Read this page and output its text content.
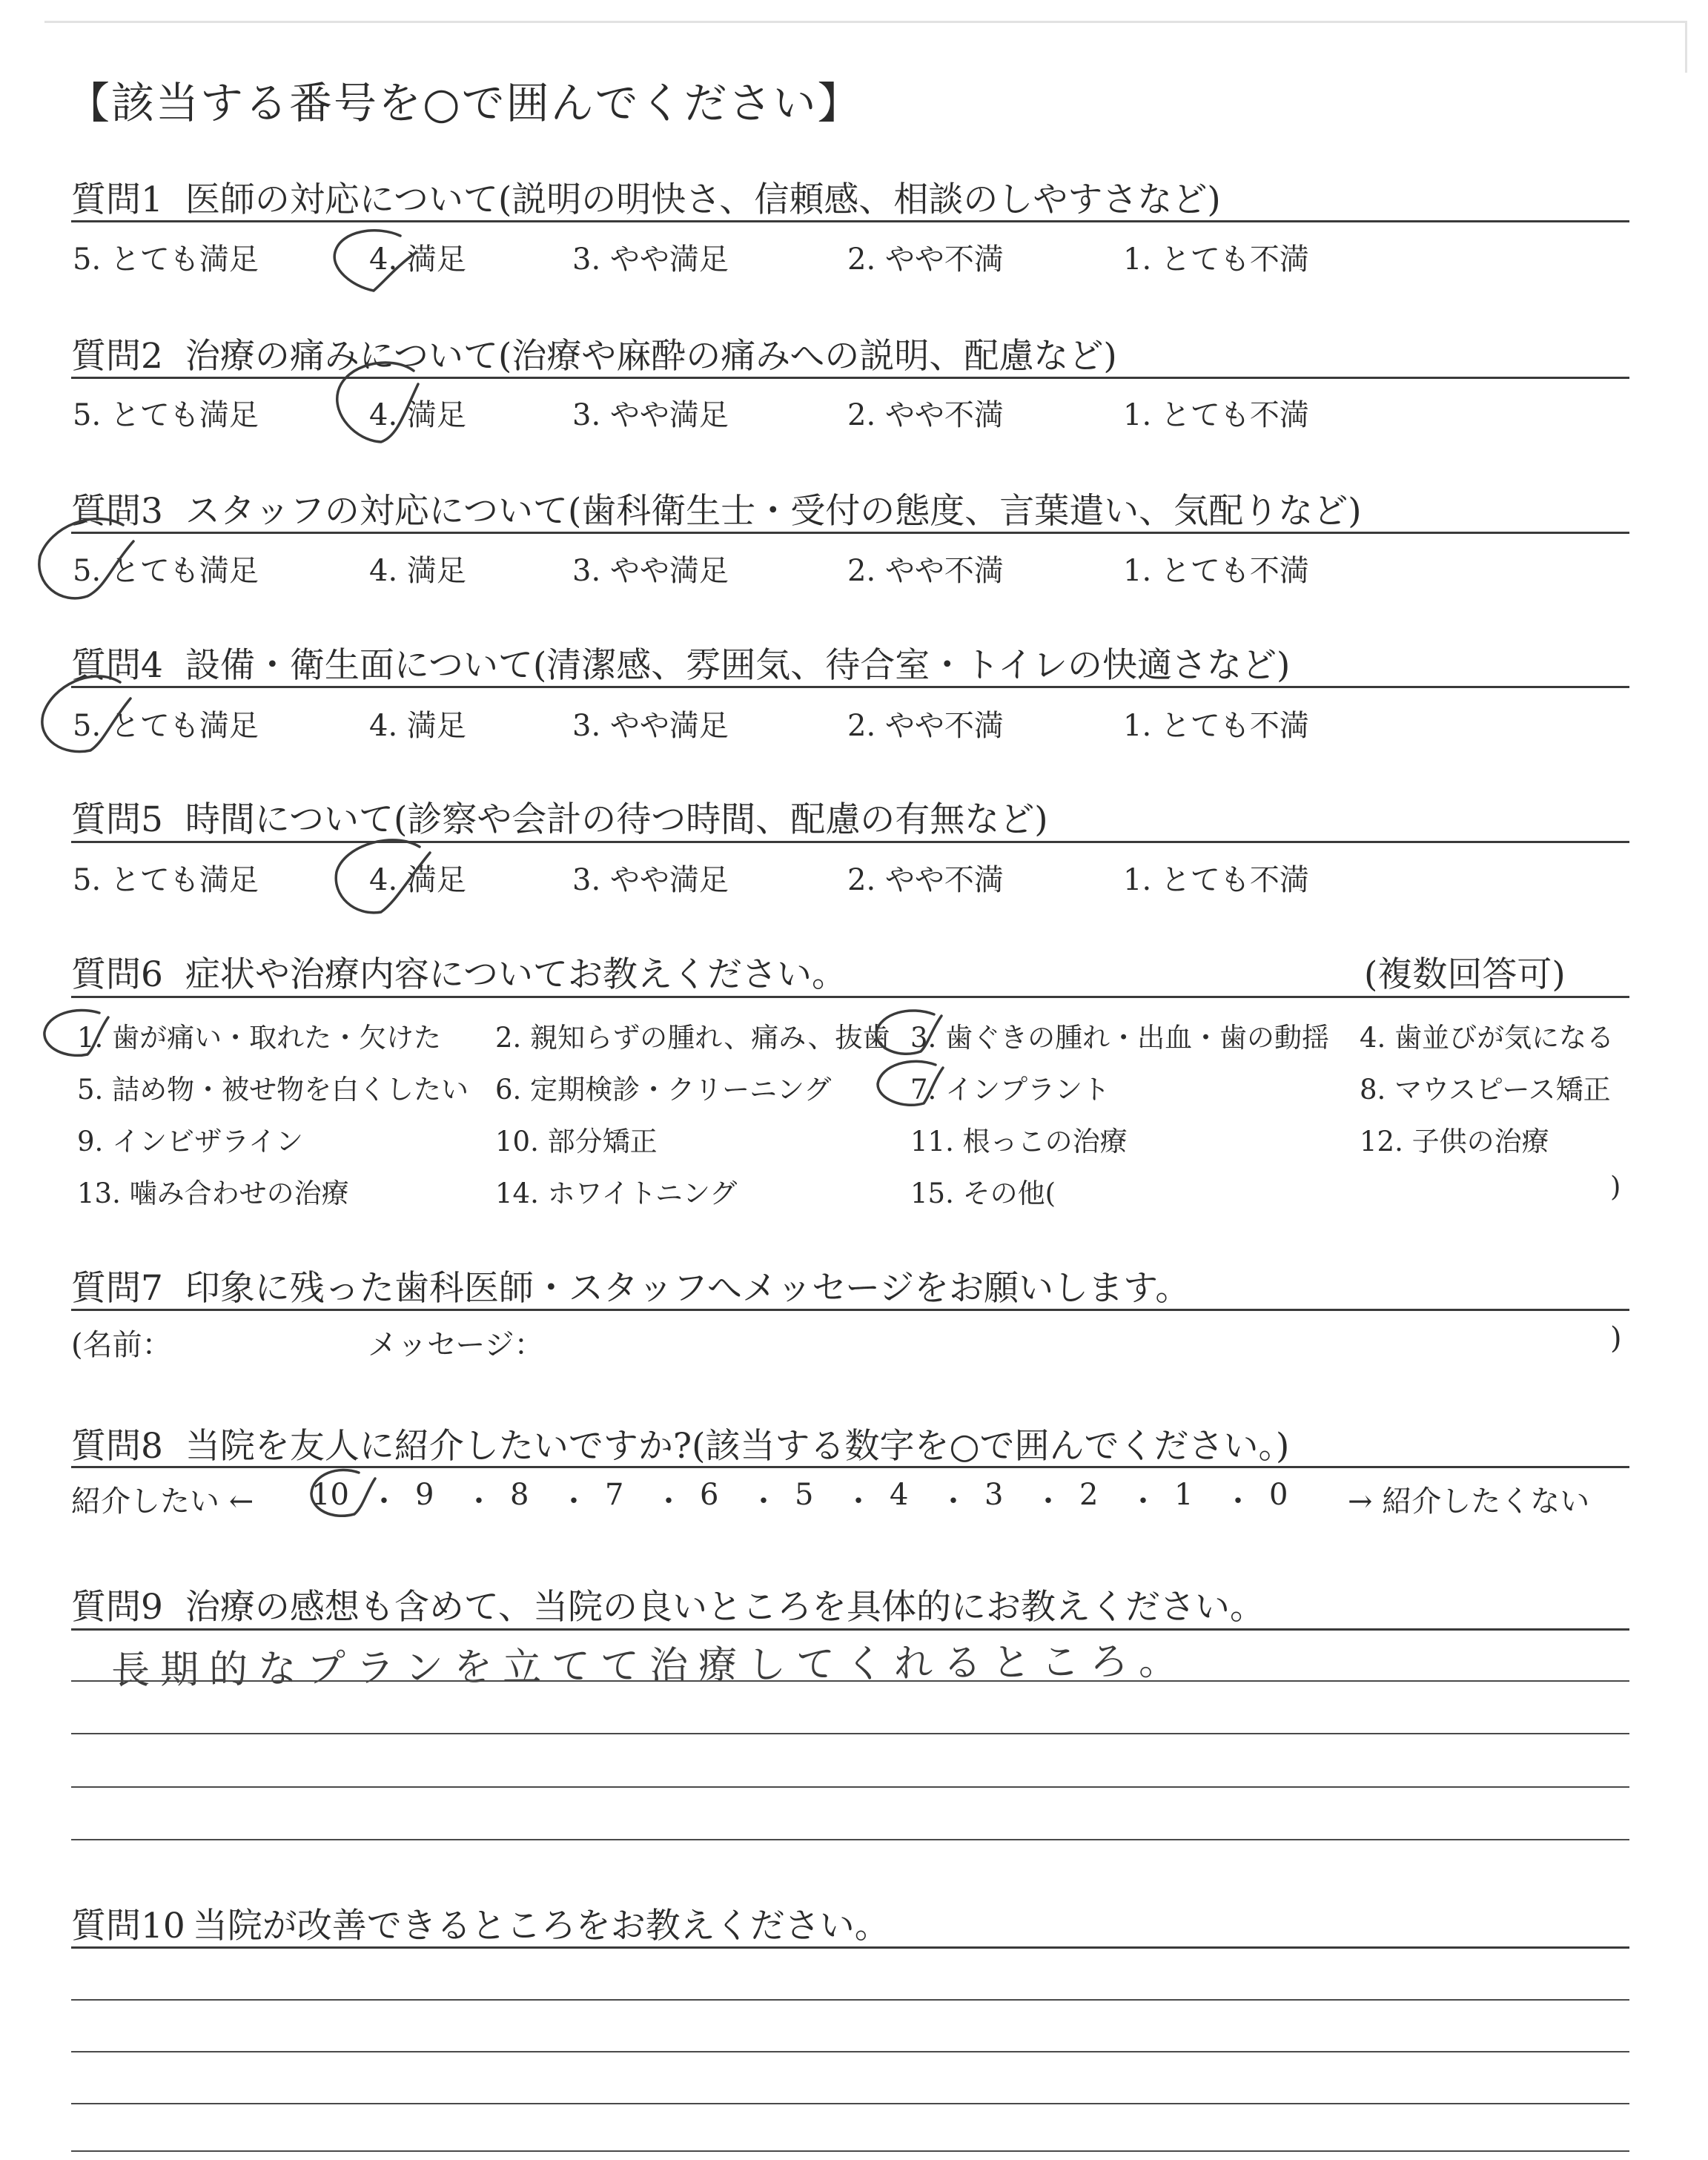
【該当する番号を○で囲んでください】
質問1 医師の対応について(説明の明快さ、信頼感、相談のしやすさなど)
5. とても満足	4. 満足	3. やや満足	2. やや不満	1. とても不満
質問2 治療の痛みについて(治療や麻酔の痛みへの説明、配慮など)
5. とても満足	4. 満足	3. やや満足	2. やや不満	1. とても不満
質問3 スタッフの対応について(歯科衛生士・受付の態度、言葉遣い、気配りなど)
5. とても満足	4. 満足	3. やや満足	2. やや不満	1. とても不満
質問4 設備・衛生面について(清潔感、雰囲気、待合室・トイレの快適さなど)
5. とても満足	4. 満足	3. やや満足	2. やや不満	1. とても不満
質問5 時間について(診察や会計の待つ時間、配慮の有無など)
5. とても満足	4. 満足	3. やや満足	2. やや不満	1. とても不満
質問6 症状や治療内容についてお教えください。	(複数回答可)
1. 歯が痛い・取れた・欠けた 2. 親知らずの腫れ、痛み、抜歯 3. 歯ぐきの腫れ・出血・歯の動揺 4. 歯並びが気になる
5. 詰め物・被せ物を白くしたい 6. 定期検診・クリーニング	7. インプラント	8. マウスピース矯正
9. インビザライン	10. 部分矯正	11. 根っこの治療	12. 子供の治療
13. 噛み合わせの治療	14. ホワイトニング	15. その他(	)
質問7 印象に残った歯科医師・スタッフへメッセージをお願いします。
(名前：	メッセージ：	)
質問8 当院を友人に紹介したいですか?(該当する数字を○で囲んでください。)
紹介したい ← 10 ・ 9 ・ 8 ・ 7 ・ 6 ・ 5 ・ 4 ・ 3 ・ 2 ・ 1 ・ 0 → 紹介したくない
質問9 治療の感想も含めて、当院の良いところを具体的にお教えください。
長期的なプランを立てて治療してくれるところ。
質問10 当院が改善できるところをお教えください。
